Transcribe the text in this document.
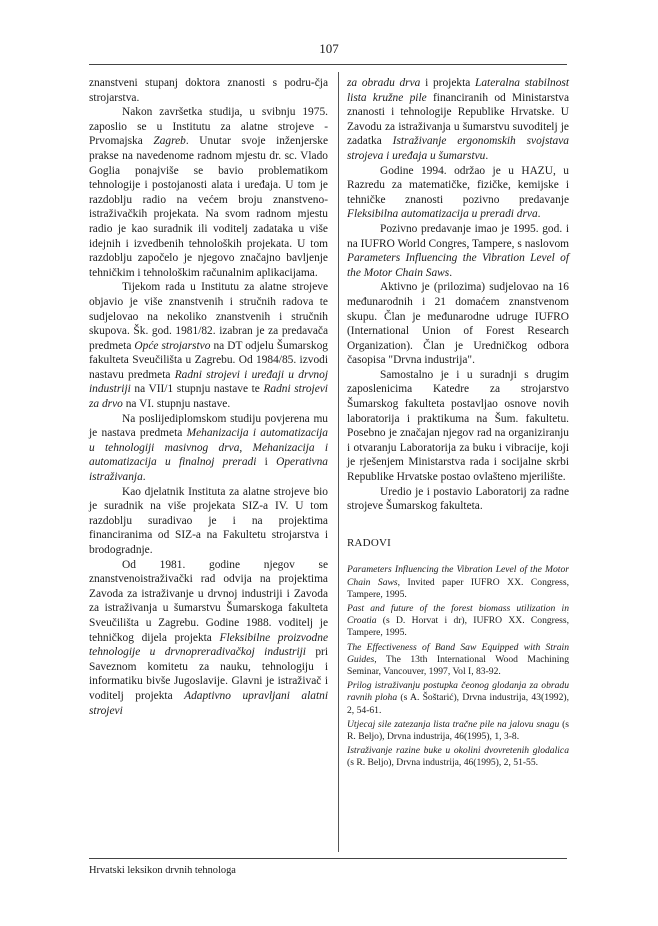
107

znanstveni stupanj doktora znanosti s podru-čja strojarstva.

Nakon završetka studija, u svibnju 1975. zaposlio se u Institutu za alatne strojeve - Prvomajska Zagreb. Unutar svoje inženjerske prakse na navedenome radnom mjestu dr. sc. Vlado Goglia ponajviše se bavio problematikom tehnologije i postojanosti alata i uređaja. U tom je razdoblju radio na većem broju znanstveno-istraživačkih projekata. Na svom radnom mjestu radio je kao suradnik ili voditelj zadataka u više idejnih i izvedbenih tehnoloških projekata. U tom razdoblju započelo je njegovo značajno bavljenje tehničkim i tehnološkim računalnim aplikacijama.

Tijekom rada u Institutu za alatne strojeve objavio je više znanstvenih i stručnih radova te sudjelovao na nekoliko znanstvenih i stručnih skupova. Šk. god. 1981/82. izabran je za predavača predmeta Opće strojarstvo na DT odjelu Šumarskog fakulteta Sveučilišta u Zagrebu. Od 1984/85. izvodi nastavu predmeta Radni strojevi i uređaji u drvnoj industriji na VII/1 stupnju nastave te Radni strojevi za drvo na VI. stupnju nastave.

Na poslijediplomskom studiju povjerena mu je nastava predmeta Mehanizacija i automatizacija u tehnologiji masivnog drva, Mehanizacija i automatizacija u finalnoj preradi i Operativna istraživanja.

Kao djelatnik Instituta za alatne strojeve bio je suradnik na više projekata SIZ-a IV. U tom razdoblju suradivao je i na projektima financiranima od SIZ-a na Fakultetu strojarstva i brodogradnje.

Od 1981. godine njegov se znanstvenoistraživački rad odvija na projektima Zavoda za istraživanje u drvnoj industriji i Zavoda za istraživanja u šumarstvu Šumarskoga fakulteta Sveučilišta u Zagrebu. Godine 1988. voditelj je tehničkog dijela projekta Fleksibilne proizvodne tehnologije u drvnopreradivačkoj industriji pri Saveznom komitetu za nauku, tehnologiju i informatiku bivše Jugoslavije. Glavni je istraživač i voditelj projekta Adaptivno upravljani alatni strojevi

za obradu drva i projekta Lateralna stabilnost lista kružne pile financiranih od Ministarstva znanosti i tehnologije Republike Hrvatske. U Zavodu za istraživanja u šumarstvu suvoditelj je zadatka Istraživanje ergonomskih svojstava strojeva i uređaja u šumarstvu.

Godine 1994. održao je u HAZU, u Razredu za matematičke, fizičke, kemijske i tehničke znanosti pozivno predavanje Fleksibilna automatizacija u preradi drva.

Pozivno predavanje imao je 1995. god. i na IUFRO World Congres, Tampere, s naslovom Parameters Influencing the Vibration Level of the Motor Chain Saws.

Aktivno je (prilozima) sudjelovao na 16 međunarodnih i 21 domaćem znanstvenom skupu. Član je međunarodne udruge IUFRO (International Union of Forest Research Organization). Član je Uredničkog odbora časopisa "Drvna industrija".

Samostalno je i u suradnji s drugim zaposlenicima Katedre za strojarstvo Šumarskog fakulteta postavljao osnove novih laboratorija i praktikuma na Šum. fakultetu. Posebno je značajan njegov rad na organiziranju i otvaranju Laboratorija za buku i vibracije, koji je rješenjem Ministarstva rada i socijalne skrbi Republike Hrvatske postao ovlašteno mjerilište.

Uredio je i postavio Laboratorij za radne strojeve Šumarskog fakulteta.

RADOVI

Parameters Influencing the Vibration Level of the Motor Chain Saws, Invited paper IUFRO XX. Congress, Tampere, 1995.

Past and future of the forest biomass utilization in Croatia (s D. Horvat i dr), IUFRO XX. Congress, Tampere, 1995.

The Effectiveness of Band Saw Equipped with Strain Guides, The 13th International Wood Machining Seminar, Vancouver, 1997, Vol I, 83-92.

Prilog istraživanju postupka čeonog glodanja za obradu ravnih ploha (s A. Šoštarić), Drvna industrija, 43(1992), 2, 54-61.

Utjecaj sile zatezanja lista tračne pile na jalovu snagu (s R. Beljo), Drvna industrija, 46(1995), 1, 3-8.

Istraživanje razine buke u okolini dvovretenih glodalica (s R. Beljo), Drvna industrija, 46(1995), 2, 51-55.

Hrvatski leksikon drvnih tehnologa
